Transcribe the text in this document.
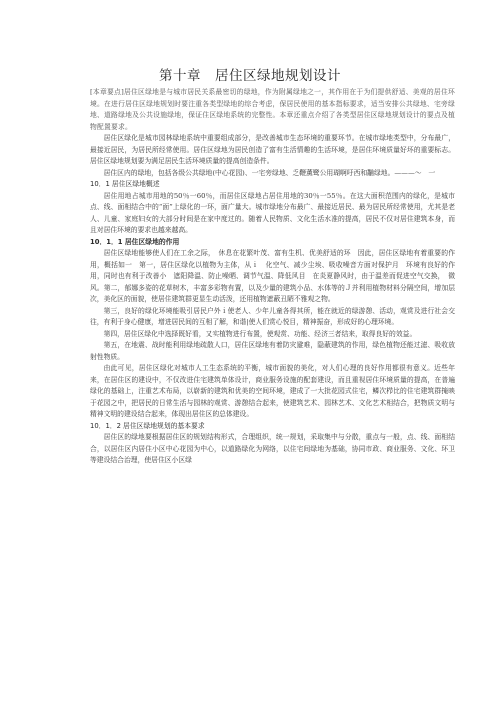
第十章 居住区绿地规划设计

[本章要点]居住区绿地是与城市居民关系最密切的绿地，作为附属绿地之一，其作用在于为们提供舒适、美观的居住环境。在进行居住区绿地规划时要注重各类型绿地的综合考虑，保居民使用的基本指标要求，适当安排公共绿地、宅旁绿地、道路绿地及公共设施绿地，保证住区绿地系统的完整性。本章还重点介绍了各类型居住区绿地规划设计的要点及植物配置要求。

居住区绿化是城市园林绿地系统中重要组成部分，是改善城市生态环境的重要环节。在城市绿地类型中，分布最广，最接近居民，为居民所经常使用。居住区绿地为居民创造了富有生活情趣的生活环境，是居住环境质量好坏的重要标志。居住区绿地规划要为满足居民生活环境质量的提高创造条件。

居住区内的绿地，包括各级公共绿地(中心花园)、一宅旁绿地、乏鞭薰鹭公用瑚啊吁西和黼绿地。———～　一

10．1 居住区绿地概述

居住用地占城市用地的50％一60％，而居住区绿地占居住用地的30％一55％。在这大面积范围内的绿化，是城市点、线、面相结合中的“面”上绿化的一环，面广量大。城市绿地分布最广、最接近居民、最为居民所经常使用，尤其是老人、儿童、家庭妇女的大部分时间是在家中度过的。随着人民物质、文化生活水准的提高，居民不仅对居住建筑本身，而且对居住环境的要求也越来越高。

10．1．1 居住区绿地的作用

居住区绿地能够使人们在工余之际，　休息在花繁叶茂、富有生机、优美舒适的环　因此，居住区绿地有着重要的作用，概括如一　第一，居住区绿化以植物为主体，从ｉ　化空气、减少尘埃、吸收噪音方面对保护月　环境有良好的作用，同时也有利于改善小　遮阳降温、防止噪晒、调节气温、降低风目　在炎夏静风时，由于温差而促进空气交换，　微风。第二，郁娜多姿的花草树木，丰富多彩物有置，以及少量的建筑小品、水体等的Ｊ并利用植物材料分隔空间，增加层次，美化区的面貌，使居住建筑群更显生动活泼，还用植物遮蔽丑陋不雅观之物。

第三，良好的绿化环境能吸引居民户外ｉ使老人、少年儿童各得其所，能在就近的绿游憩、活动，观赏及进行社会交往，有利于身心健康，增进居民间的互相了解，和谐|使人们赏心悦目，精神振奋，形成好的心理环境。

第四，居住区绿化中选择既好看，又实植物进行布置，使观赏、功能、经济三者结来，取得良好的效益。

第五，在地震、战时能利用绿地疏散人口，居住区绿地有着防灾避难，隐蔽建筑的作用，绿色植物还能过滤、吸收放射性物质。

由此可见，居住区绿化对城市人工生态系统的平衡，城市面貌的美化，对人们心理的良好作用都很有意义。近些年来，在居住区的建设中，不仅改进住宅建筑单体设计，商业服务设施的配套建设，而且重视居住环境质量的提高，在普遍绿化的基础上，注重艺术布局，以崭新的建筑和优美的空间环境，建成了一大批花园式住宅，鳞次栉比的住宅建筑群掩映于花园之中，把居民的日常生活与园林的观赏、游憩结合起来，使建筑艺术、园林艺术、文化艺术相结合，把物质文明与精神文明的建设结合起来，体现出居住区的总体建设。

10．1．2 居住区绿地规划的基本要求

居住区的绿地要根据居住区的规划结构形式，合理组织，统一规划，采取集中与分散，重点与一般，点、线、面相结合，以居住区内居住小区中心花园为中心，以道路绿化为网络，以住宅间绿地为基础，协同市政、商业服务、文化、环卫等建设结合治理，使居住区小区绿
